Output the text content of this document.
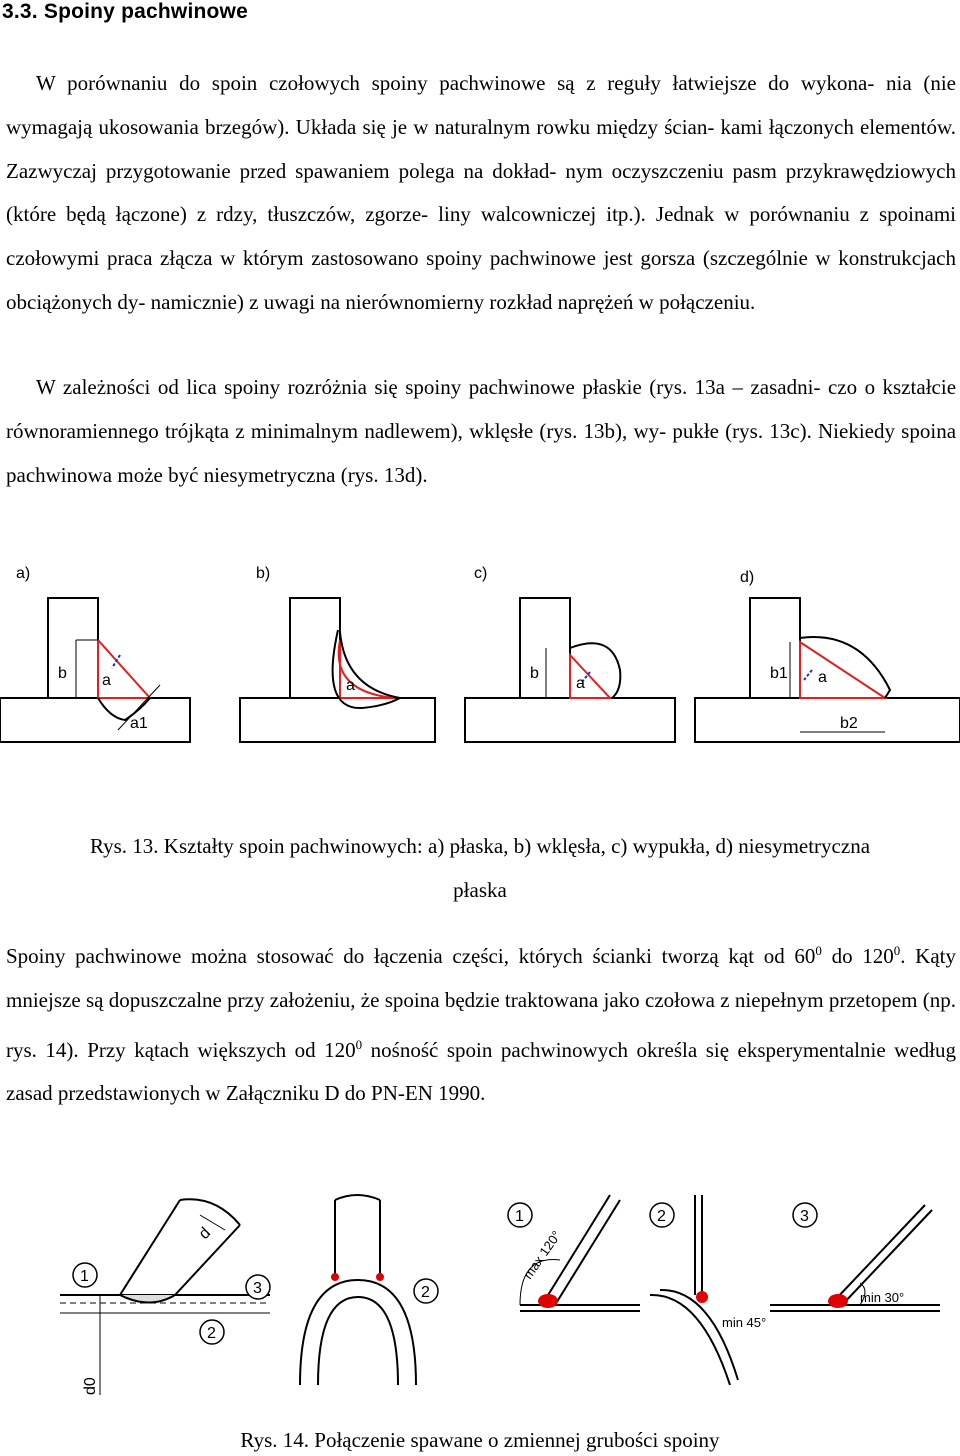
3.3. Spoiny pachwinowe

W porównaniu do spoin czołowych spoiny pachwinowe są z reguły łatwiejsze do wykona- nia (nie wymagają ukosowania brzegów). Układa się je w naturalnym rowku między ścian- kami łączonych elementów. Zazwyczaj przygotowanie przed spawaniem polega na dokład- nym oczyszczeniu pasm przykrawędziowych (które będą łączone) z rdzy, tłuszczów, zgorze- liny walcowniczej itp.). Jednak w porównaniu z spoinami czołowymi praca złącza w którym zastosowano spoiny pachwinowe jest gorsza (szczególnie w konstrukcjach obciążonych dy- namicznie) z uwagi na nierównomierny rozkład naprężeń w połączeniu.

W zależności od lica spoiny rozróżnia się spoiny pachwinowe płaskie (rys. 13a – zasadni- czo o kształcie równoramiennego trójkąta z minimalnym nadlewem), wklęsłe (rys. 13b), wy- pukłe (rys. 13c). Niekiedy spoina pachwinowa może być niesymetryczna (rys. 13d).

a)
b a
a1
b)
a
c)
b
a
d)
b1 a
b2
Rys. 13. Kształty spoin pachwinowych: a) płaska, b) wklęsła, c) wypukła, d) niesymetryczna
płaska

Spoiny pachwinowe można stosować do łączenia części, których ścianki tworzą kąt od $60^0$ do $120^0$. Kąty mniejsze są dopuszczalne przy założeniu, że spoina będzie traktowana jako czołowa z niepełnym przetopem (np. rys. 14). Przy kątach większych od $120^0$ nośność spoin pachwinowych określa się eksperymentalnie według zasad przedstawionych w Załączniku D do PN-EN 1990.

1
2
3
d
d0
2
1	2	3
max 120°
min 45°
min 30°
Rys. 14. Połączenie spawane o zmiennej grubości spoiny
